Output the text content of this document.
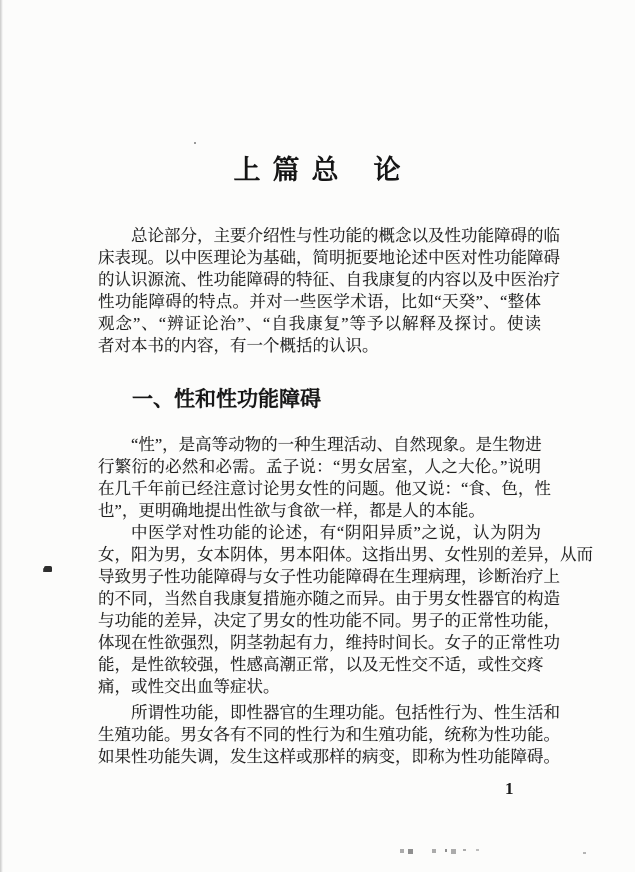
上 篇 总 论
总论部分，主要介绍性与性功能的概念以及性功能障碍的临
床表现。以中医理论为基础，简明扼要地论述中医对性功能障碍
的认识源流、性功能障碍的特征、自我康复的内容以及中医治疗
性功能障碍的特点。并对一些医学术语，比如“天癸”、“整体
观念”、“辨证论治”、“自我康复”等予以解释及探讨。使读
者对本书的内容，有一个概括的认识。
一、性和性功能障碍
“性”，是高等动物的一种生理活动、自然现象。是生物进
行繁衍的必然和必需。孟子说：“男女居室，人之大伦。”说明
在几千年前已经注意讨论男女性的问题。他又说：“食、色，性
也”，更明确地提出性欲与食欲一样，都是人的本能。
中医学对性功能的论述，有“阴阳异质”之说，认为阴为
女，阳为男，女本阴体，男本阳体。这指出男、女性别的差异，从而
导致男子性功能障碍与女子性功能障碍在生理病理，诊断治疗上
的不同，当然自我康复措施亦随之而异。由于男女性器官的构造
与功能的差异，决定了男女的性功能不同。男子的正常性功能，
体现在性欲强烈，阴茎勃起有力，维持时间长。女子的正常性功
能，是性欲较强，性感高潮正常，以及无性交不适，或性交疼
痛，或性交出血等症状。
所谓性功能，即性器官的生理功能。包括性行为、性生活和
生殖功能。男女各有不同的性行为和生殖功能，统称为性功能。
如果性功能失调，发生这样或那样的病变，即称为性功能障碍。
1
